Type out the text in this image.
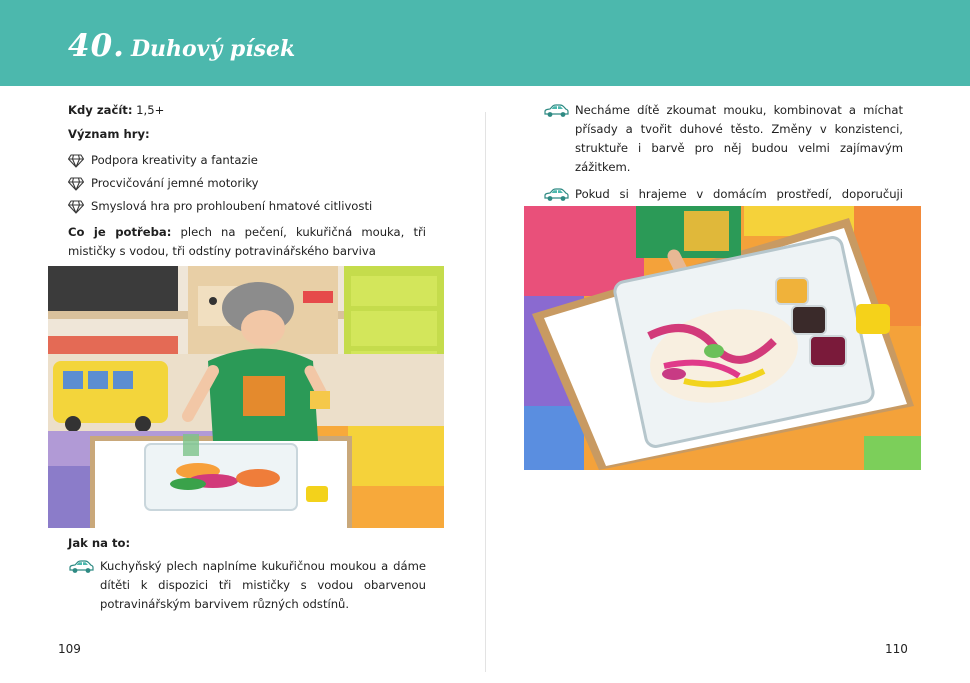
40. Duhový písek

Kdy začít: 1,5+

Význam hry:

Podpora kreativity a fantazie
Procvičování jemné motoriky
Smyslová hra pro prohloubení hmatové citlivosti

Co je potřeba: plech na pečení, kukuřičná mouka, tři mističky s vodou, tři odstíny potravinářského barviva

Jak na to:

Kuchyňský plech naplníme kukuřičnou moukou a dáme dítěti k dispozici tři mističky s vodou obarvenou potravinářským barvivem různých odstínů.
Necháme dítě zkoumat mouku, kombinovat a míchat přísady a tvořit duhové těsto. Změny v konzistenci, struktuře i barvě pro něj budou velmi zajímavým zážitkem.
Pokud si hrajeme v domácím prostředí, doporučuji
109	110
